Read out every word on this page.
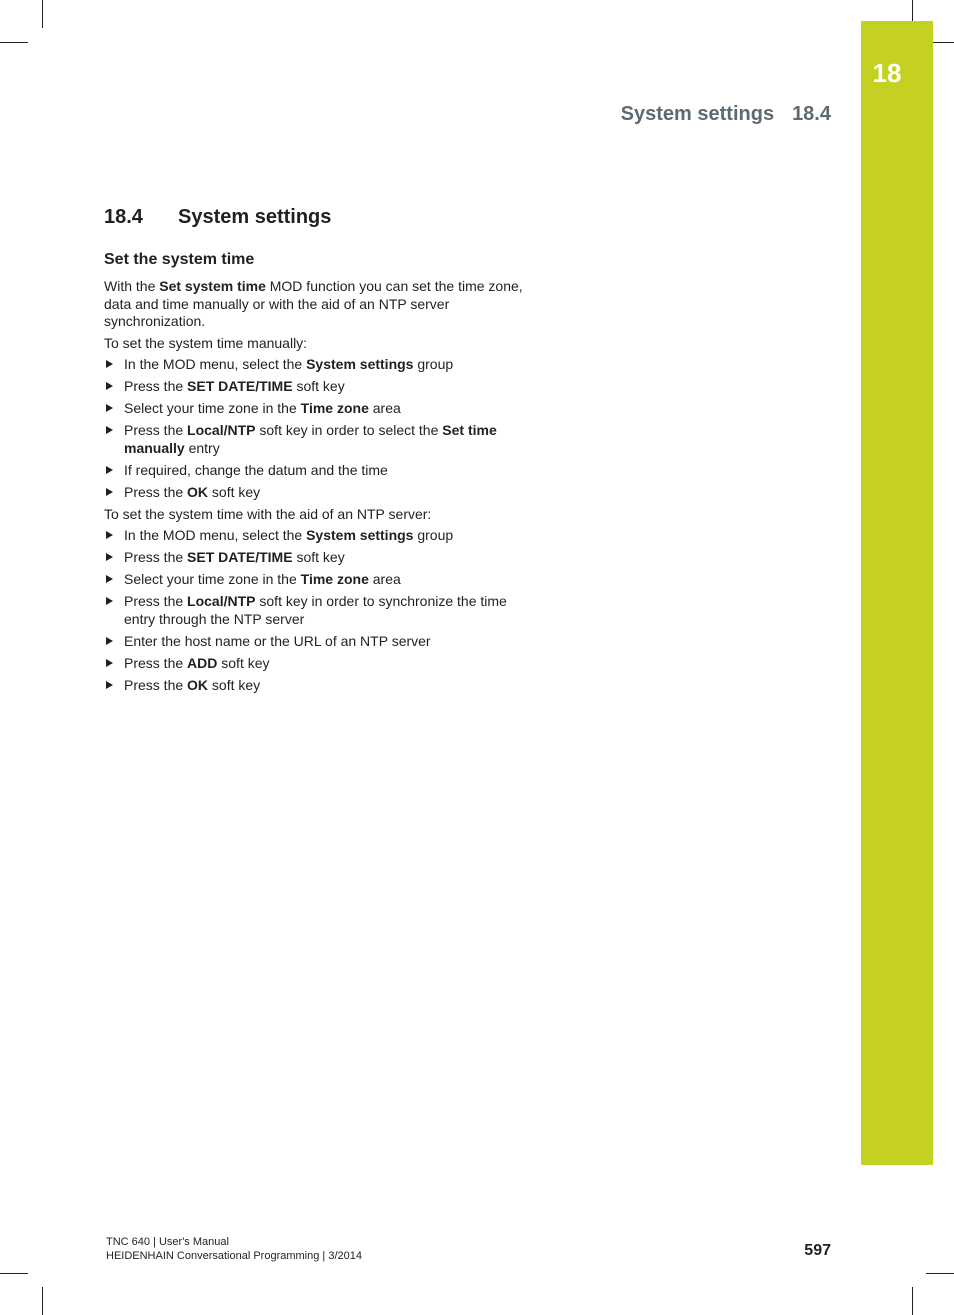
18
System settings 18.4
18.4 System settings
Set the system time

With the Set system time MOD function you can set the time zone, data and time manually or with the aid of an NTP server synchronization.

To set the system time manually:

In the MOD menu, select the System settings group
Press the SET DATE/TIME soft key
Select your time zone in the Time zone area
Press the Local/NTP soft key in order to select the Set time manually entry
If required, change the datum and the time
Press the OK soft key

To set the system time with the aid of an NTP server:

In the MOD menu, select the System settings group
Press the SET DATE/TIME soft key
Select your time zone in the Time zone area
Press the Local/NTP soft key in order to synchronize the time entry through the NTP server
Enter the host name or the URL of an NTP server
Press the ADD soft key
Press the OK soft key
TNC 640 | User's Manual
HEIDENHAIN Conversational Programming | 3/2014	597
